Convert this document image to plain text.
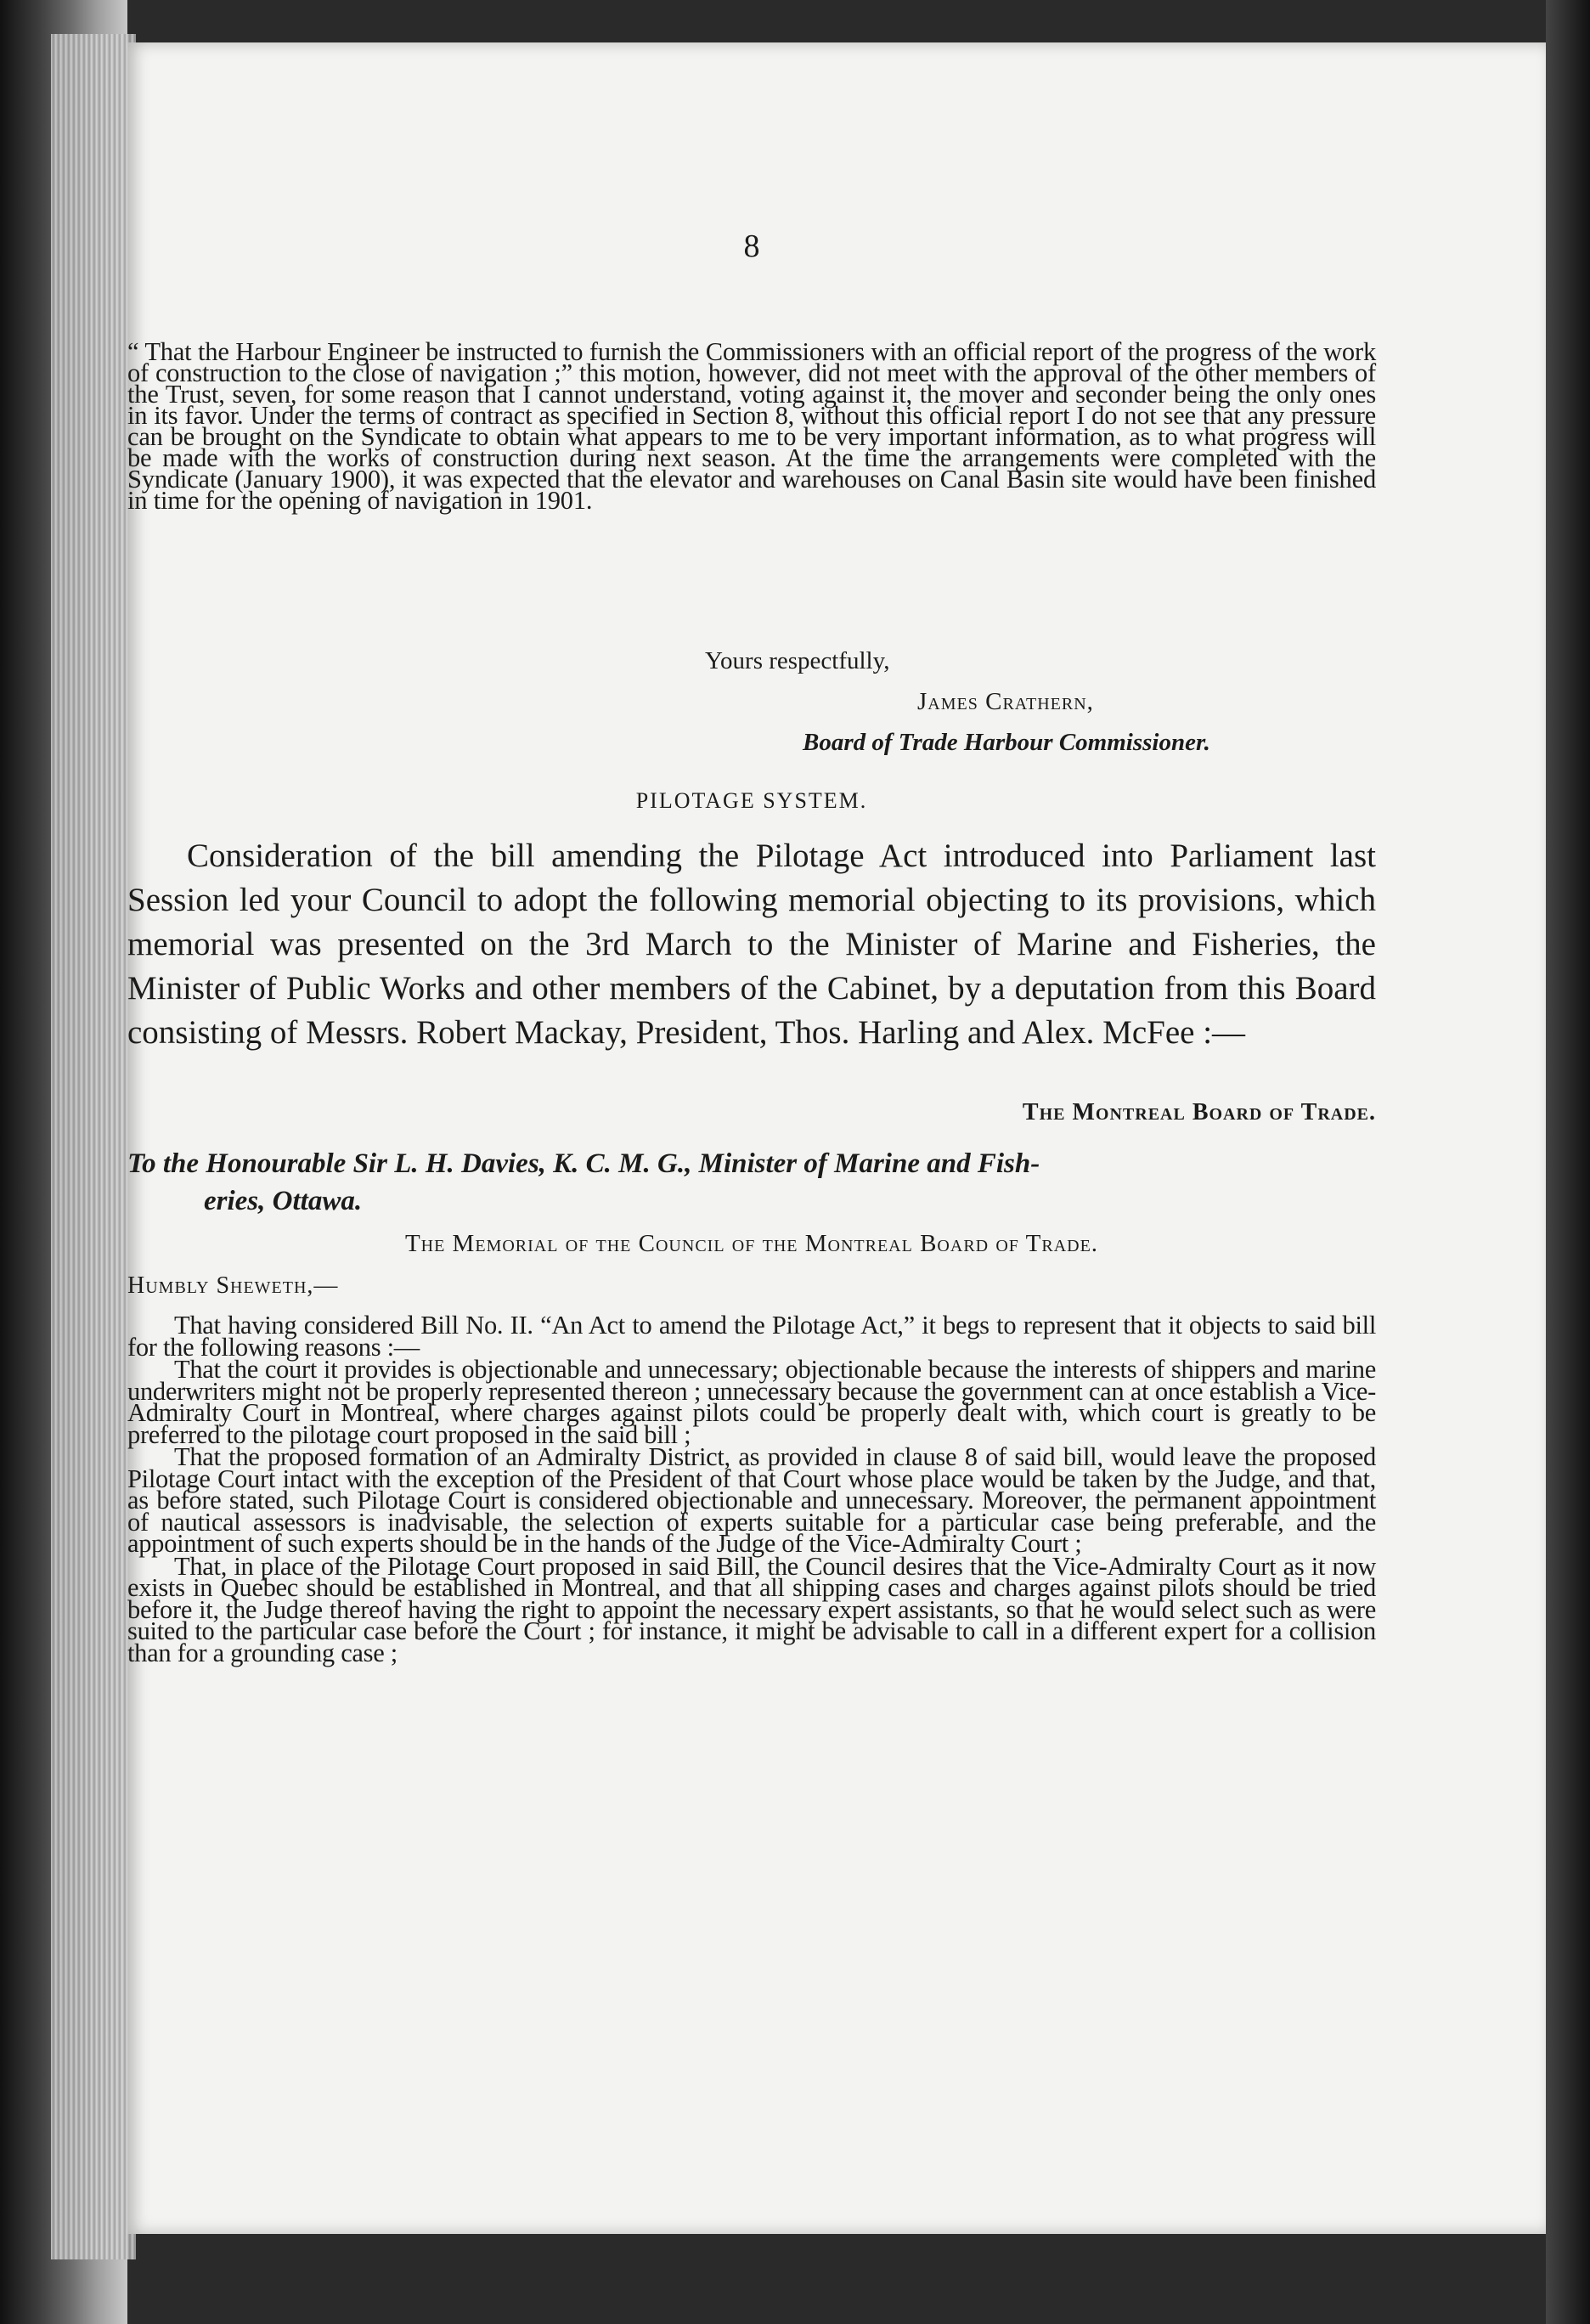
8

“ That the Harbour Engineer be instructed to furnish the Commissioners with an official report of the progress of the work of construction to the close of navigation ;” this motion, however, did not meet with the approval of the other members of the Trust, seven, for some reason that I cannot understand, voting against it, the mover and seconder being the only ones in its favor. Under the terms of contract as specified in Section 8, without this official report I do not see that any pressure can be brought on the Syndicate to obtain what appears to me to be very important information, as to what progress will be made with the works of construction during next season. At the time the arrangements were completed with the Syndicate (January 1900), it was expected that the elevator and warehouses on Canal Basin site would have been finished in time for the opening of navigation in 1901.

Yours respectfully,
James Crathern,
Board of Trade Harbour Commissioner.
PILOTAGE SYSTEM.

Consideration of the bill amending the Pilotage Act introduced into Parliament last Session led your Council to adopt the following memorial objecting to its provisions, which memorial was presented on the 3rd March to the Minister of Marine and Fisheries, the Minister of Public Works and other members of the Cabinet, by a deputation from this Board consisting of Messrs. Robert Mackay, President, Thos. Harling and Alex. McFee :—

The Montreal Board of Trade.
To the Honourable Sir L. H. Davies, K. C. M. G., Minister of Marine and Fish-
eries, Ottawa.
The Memorial of the Council of the Montreal Board of Trade.
Humbly Sheweth,—

That having considered Bill No. II. “An Act to amend the Pilotage Act,” it begs to represent that it objects to said bill for the following reasons :—

That the court it provides is objectionable and unnecessary; objectionable because the interests of shippers and marine underwriters might not be properly represented thereon ; unnecessary because the government can at once establish a Vice-Admiralty Court in Montreal, where charges against pilots could be properly dealt with, which court is greatly to be preferred to the pilotage court proposed in the said bill ;

That the proposed formation of an Admiralty District, as provided in clause 8 of said bill, would leave the proposed Pilotage Court intact with the exception of the President of that Court whose place would be taken by the Judge, and that, as before stated, such Pilotage Court is considered objectionable and unnecessary. Moreover, the permanent appointment of nautical assessors is inadvisable, the selection of experts suitable for a particular case being preferable, and the appointment of such experts should be in the hands of the Judge of the Vice-Admiralty Court ;

That, in place of the Pilotage Court proposed in said Bill, the Council desires that the Vice-Admiralty Court as it now exists in Quebec should be established in Montreal, and that all shipping cases and charges against pilots should be tried before it, the Judge thereof having the right to appoint the necessary expert assistants, so that he would select such as were suited to the particular case before the Court ; for instance, it might be advisable to call in a different expert for a collision than for a grounding case ;
